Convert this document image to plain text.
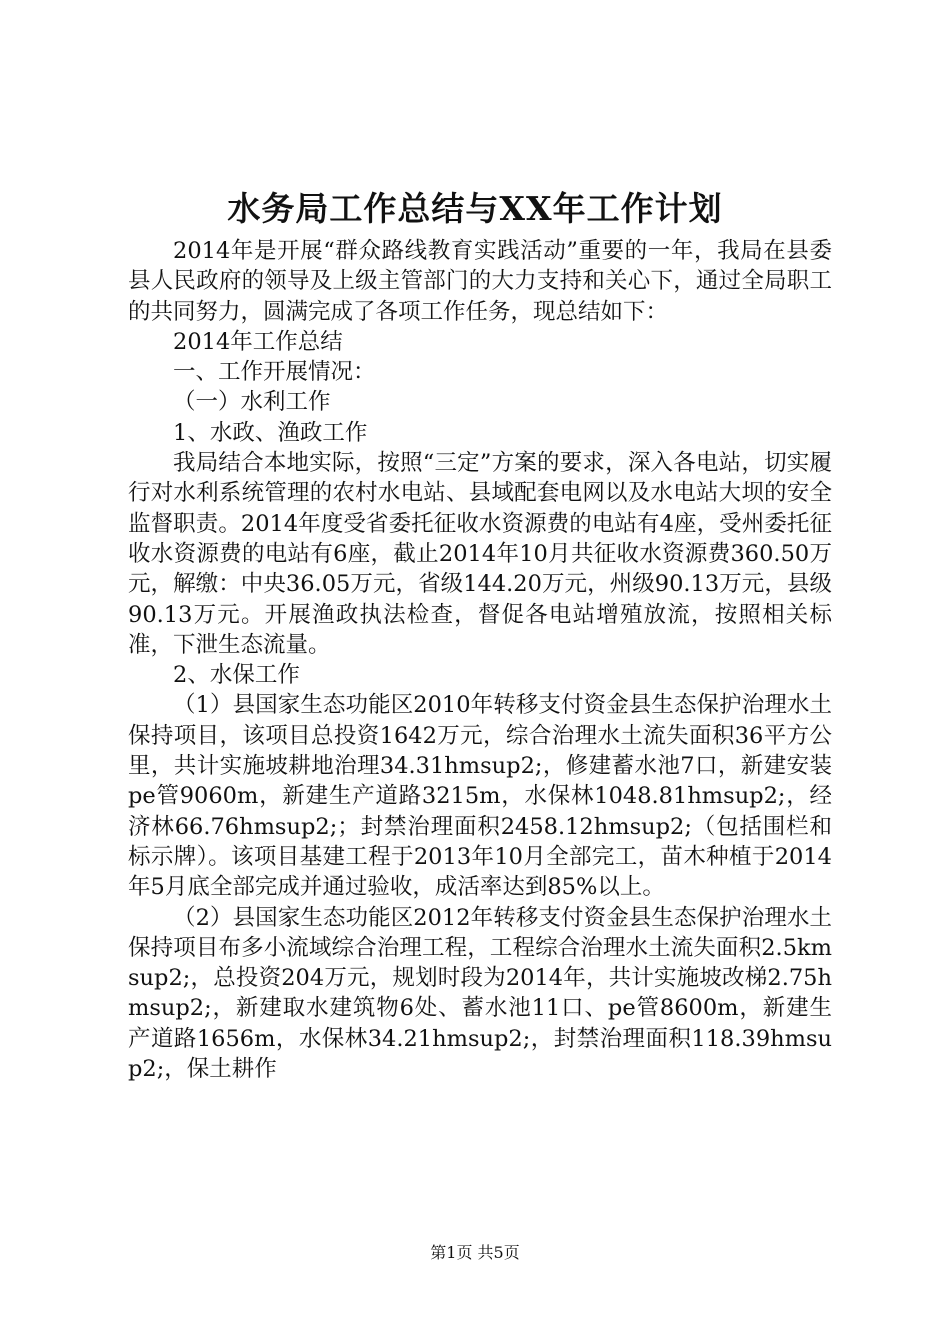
水务局工作总结与XX年工作计划

2014年是开展“群众路线教育实践活动”重要的一年，我局在县委县人民政府的领导及上级主管部门的大力支持和关心下，通过全局职工的共同努力，圆满完成了各项工作任务，现总结如下：

2014年工作总结

一、工作开展情况：

（一）水利工作

1、水政、渔政工作

我局结合本地实际，按照“三定”方案的要求，深入各电站，切实履行对水利系统管理的农村水电站、县域配套电网以及水电站大坝的安全监督职责。2014年度受省委托征收水资源费的电站有4座，受州委托征收水资源费的电站有6座，截止2014年10月共征收水资源费360.50万元，解缴：中央36.05万元，省级144.20万元，州级90.13万元，县级90.13万元。开展渔政执法检查，督促各电站增殖放流，按照相关标准，下泄生态流量。

2、水保工作

（1）县国家生态功能区2010年转移支付资金县生态保护治理水土保持项目，该项目总投资1642万元，综合治理水土流失面积36平方公里，共计实施坡耕地治理34.31hmsup2;，修建蓄水池7口，新建安装pe管9060m，新建生产道路3215m，水保林1048.81hmsup2;，经济林66.76hmsup2;；封禁治理面积2458.12hmsup2;（包括围栏和标示牌）。该项目基建工程于2013年10月全部完工，苗木种植于2014年5月底全部完成并通过验收，成活率达到85%以上。

（2）县国家生态功能区2012年转移支付资金县生态保护治理水土保持项目布多小流域综合治理工程，工程综合治理水土流失面积2.5kmsup2;，总投资204万元，规划时段为2014年，共计实施坡改梯2.75hmsup2;，新建取水建筑物6处、蓄水池11口、pe管8600m，新建生产道路1656m，水保林34.21hmsup2;，封禁治理面积118.39hmsup2;，保土耕作

第1页 共5页
